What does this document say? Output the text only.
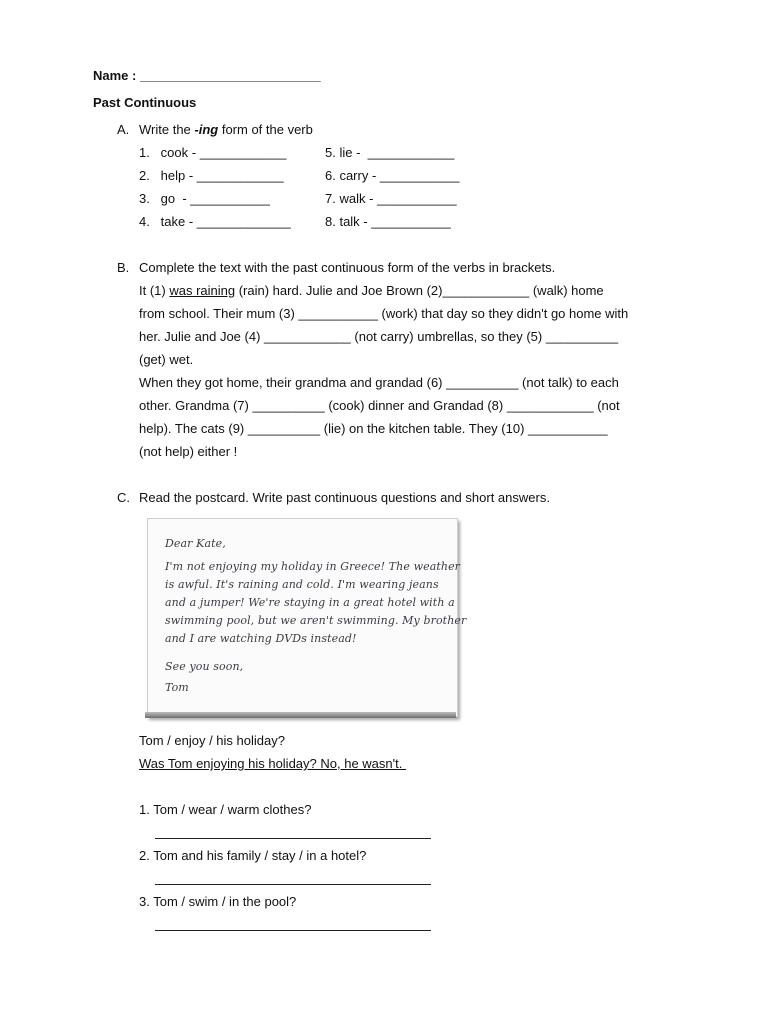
Name : _________________________
Past Continuous
A. Write the -ing form of the verb
1.   cook - ____________
2.   help - ____________
3.   go  - ___________
4.   take - _____________
5. lie -  ____________
6. carry - ___________
7. walk - ___________
8. talk - ___________
B. Complete the text with the past continuous form of the verbs in brackets.
It (1) was raining (rain) hard. Julie and Joe Brown (2)____________ (walk) home
from school. Their mum (3) ___________ (work) that day so they didn't go home with
her. Julie and Joe (4) ____________ (not carry) umbrellas, so they (5) __________
(get) wet.
When they got home, their grandma and grandad (6) __________ (not talk) to each
other. Grandma (7) __________ (cook) dinner and Grandad (8) ____________ (not
help). The cats (9) __________ (lie) on the kitchen table. They (10) ___________
(not help) either !
C. Read the postcard. Write past continuous questions and short answers.
Dear Kate,
I'm not enjoying my holiday in Greece! The weather
is awful. It's raining and cold. I'm wearing jeans
and a jumper! We're staying in a great hotel with a
swimming pool, but we aren't swimming. My brother
and I are watching DVDs instead!
See you soon,
Tom
Tom / enjoy / his holiday?
Was Tom enjoying his holiday? No, he wasn't.
1. Tom / wear / warm clothes?
2. Tom and his family / stay / in a hotel?
3. Tom / swim / in the pool?
